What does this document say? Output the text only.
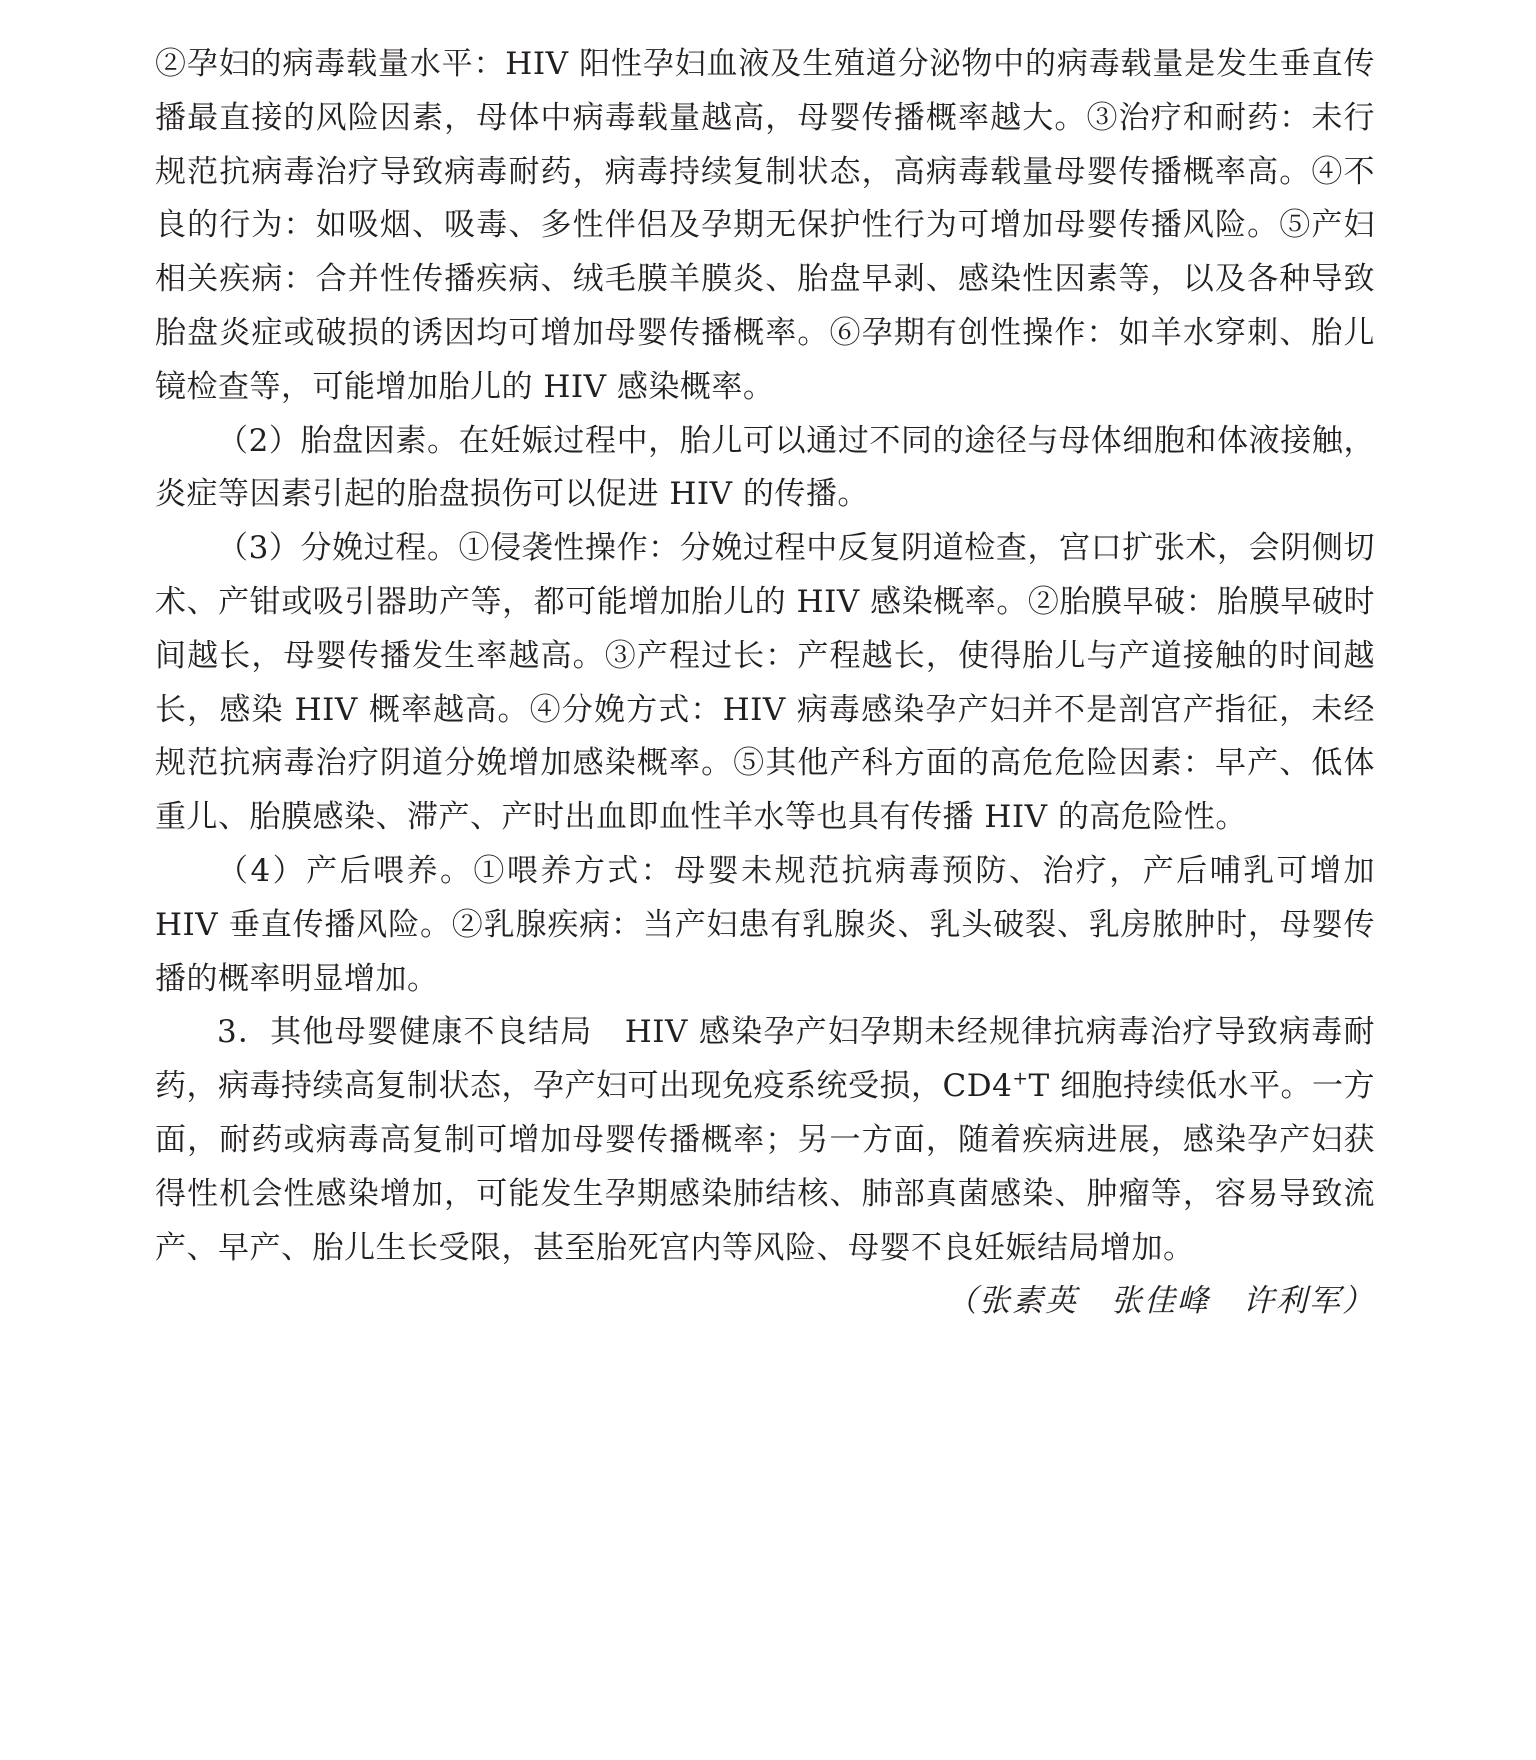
②孕妇的病毒载量水平：HIV 阳性孕妇血液及生殖道分泌物中的病毒载量是发生垂直传播最直接的风险因素，母体中病毒载量越高，母婴传播概率越大。③治疗和耐药：未行规范抗病毒治疗导致病毒耐药，病毒持续复制状态，高病毒载量母婴传播概率高。④不良的行为：如吸烟、吸毒、多性伴侣及孕期无保护性行为可增加母婴传播风险。⑤产妇相关疾病：合并性传播疾病、绒毛膜羊膜炎、胎盘早剥、感染性因素等，以及各种导致胎盘炎症或破损的诱因均可增加母婴传播概率。⑥孕期有创性操作：如羊水穿刺、胎儿镜检查等，可能增加胎儿的 HIV 感染概率。

（2）胎盘因素。在妊娠过程中，胎儿可以通过不同的途径与母体细胞和体液接触，炎症等因素引起的胎盘损伤可以促进 HIV 的传播。

（3）分娩过程。①侵袭性操作：分娩过程中反复阴道检查，宫口扩张术，会阴侧切术、产钳或吸引器助产等，都可能增加胎儿的 HIV 感染概率。②胎膜早破：胎膜早破时间越长，母婴传播发生率越高。③产程过长：产程越长，使得胎儿与产道接触的时间越长，感染 HIV 概率越高。④分娩方式：HIV 病毒感染孕产妇并不是剖宫产指征，未经规范抗病毒治疗阴道分娩增加感染概率。⑤其他产科方面的高危危险因素：早产、低体重儿、胎膜感染、滞产、产时出血即血性羊水等也具有传播 HIV 的高危险性。

（4）产后喂养。①喂养方式：母婴未规范抗病毒预防、治疗，产后哺乳可增加 HIV 垂直传播风险。②乳腺疾病：当产妇患有乳腺炎、乳头破裂、乳房脓肿时，母婴传播的概率明显增加。

3．其他母婴健康不良结局　 HIV 感染孕产妇孕期未经规律抗病毒治疗导致病毒耐药，病毒持续高复制状态，孕产妇可出现免疫系统受损，CD4+T 细胞持续低水平。一方面，耐药或病毒高复制可增加母婴传播概率；另一方面，随着疾病进展，感染孕产妇获得性机会性感染增加，可能发生孕期感染肺结核、肺部真菌感染、肿瘤等，容易导致流产、早产、胎儿生长受限，甚至胎死宫内等风险、母婴不良妊娠结局增加。

（张素英　张佳峰　许利军）
